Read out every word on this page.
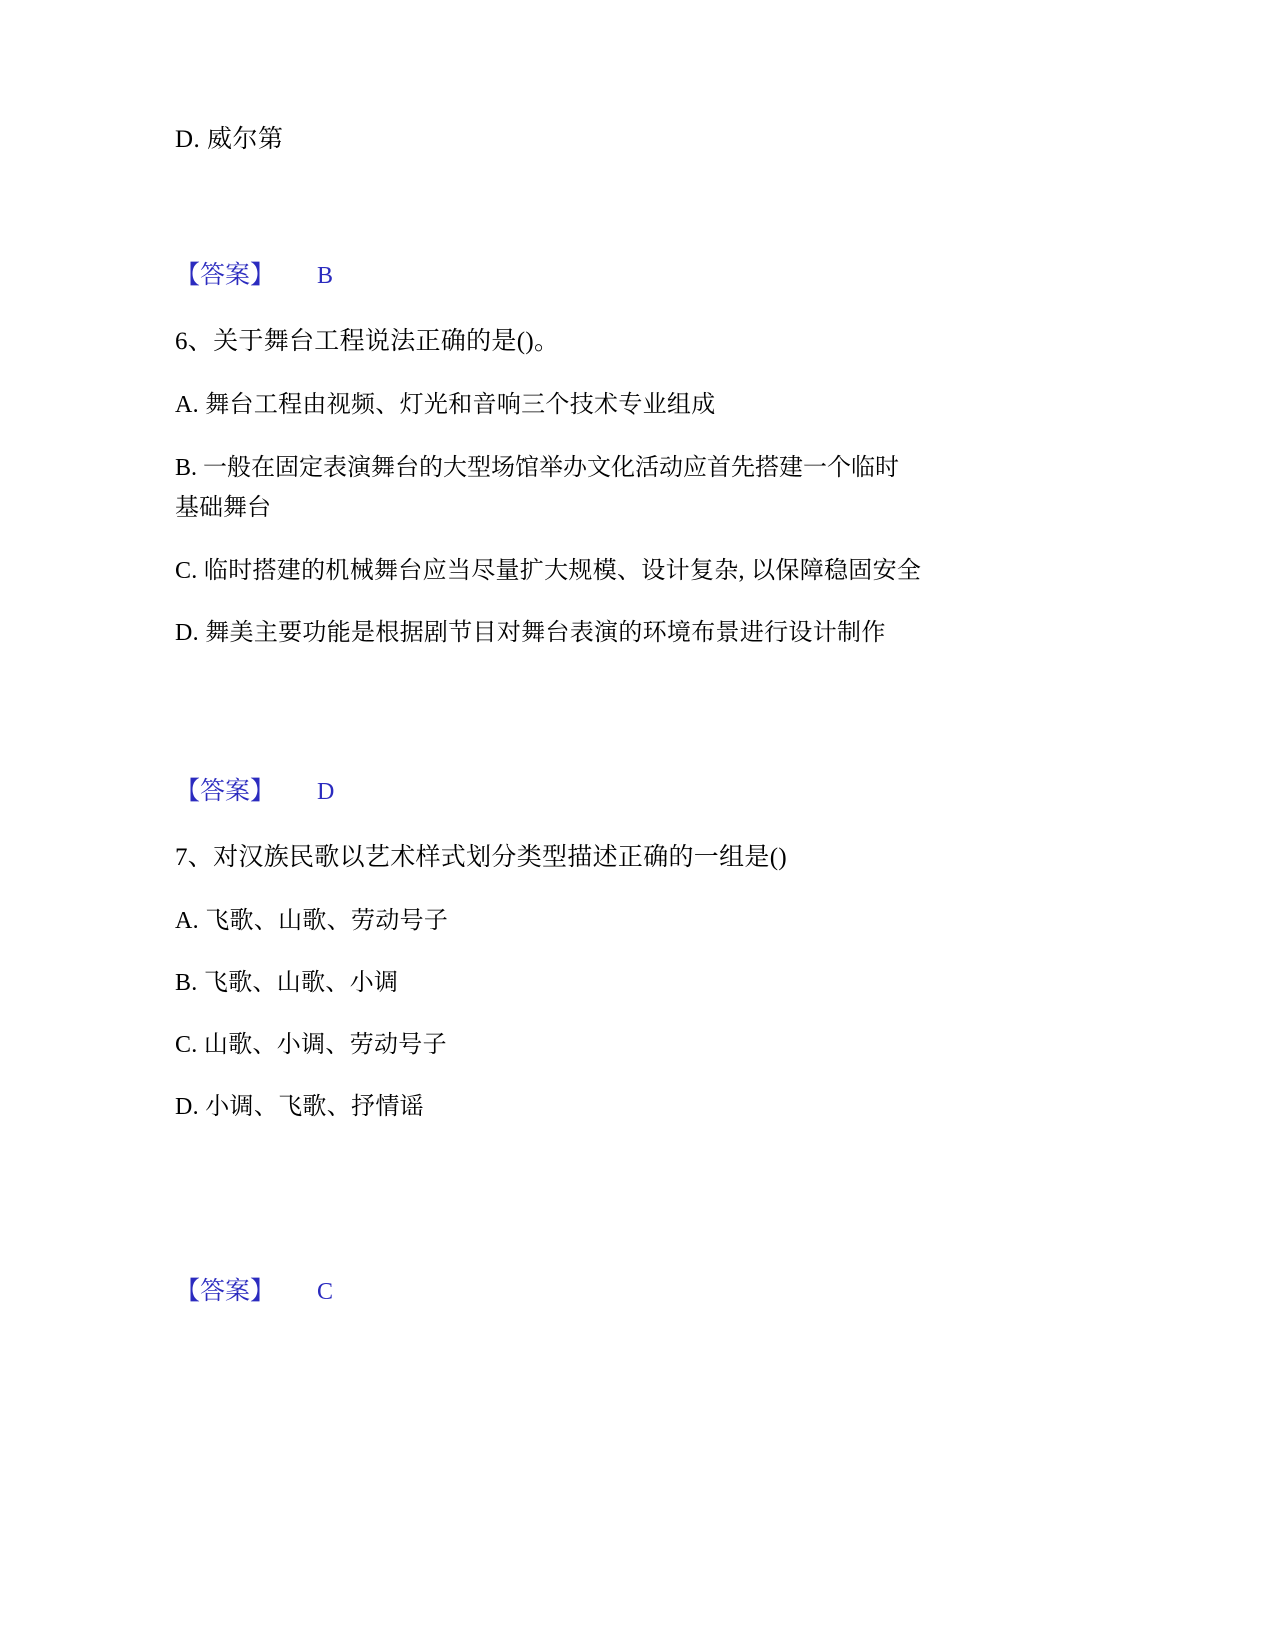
D. 威尔第
【答案】 B
6、关于舞台工程说法正确的是()。
A. 舞台工程由视频、灯光和音响三个技术专业组成
B. 一般在固定表演舞台的大型场馆举办文化活动应首先搭建一个临时
基础舞台
C. 临时搭建的机械舞台应当尽量扩大规模、设计复杂, 以保障稳固安全
D. 舞美主要功能是根据剧节目对舞台表演的环境布景进行设计制作
【答案】 D
7、对汉族民歌以艺术样式划分类型描述正确的一组是()
A. 飞歌、山歌、劳动号子
B. 飞歌、山歌、小调
C. 山歌、小调、劳动号子
D. 小调、飞歌、抒情谣
【答案】 C
